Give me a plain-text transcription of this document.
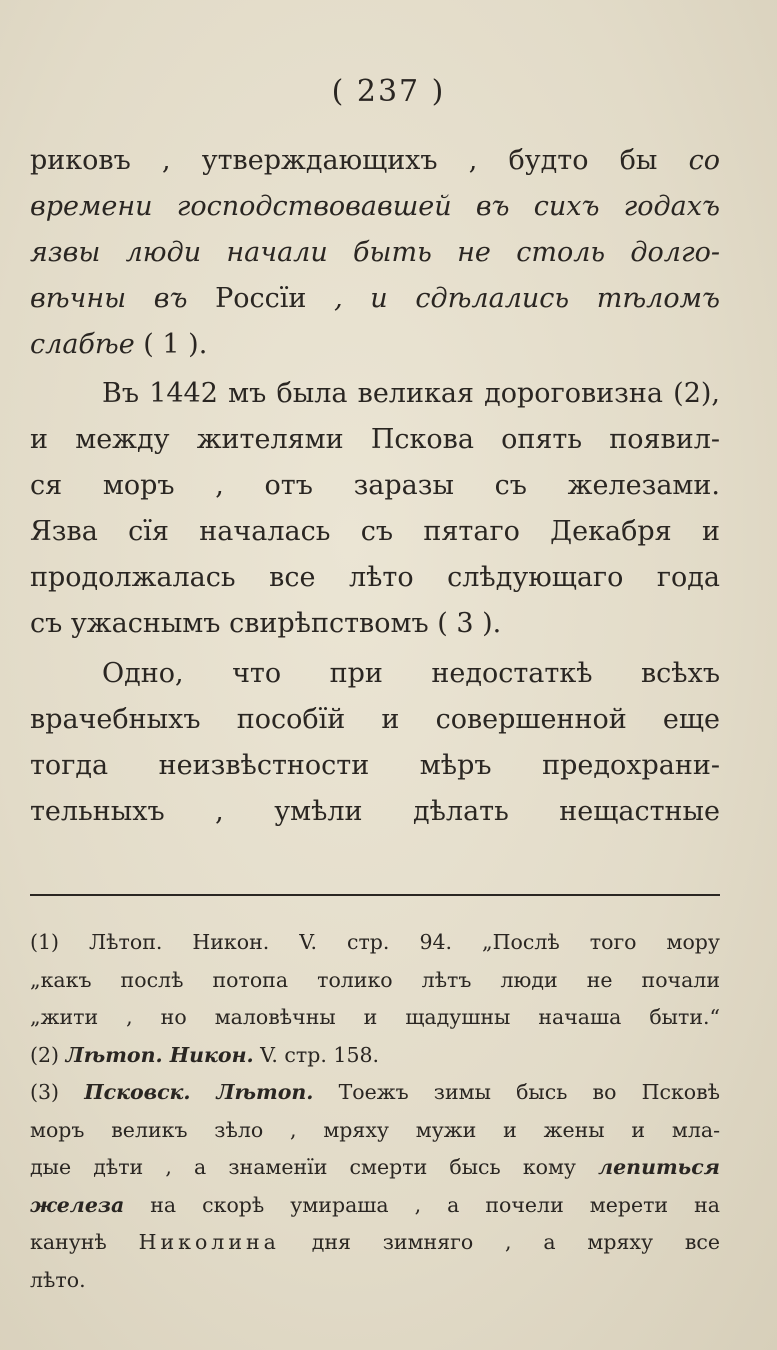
( 237 )
риковъ , утверждающихъ , будто бы со
времени господствовавшей въ сихъ годахъ
язвы люди начали быть не столь долго-
вѣчны въ Россїи , и сдѣлались тѣломъ
слабѣе ( 1 ).
Въ 1442 мъ была великая дороговизна (2),
и между жителями Пскова опять появил-
ся моръ , отъ заразы съ железами.
Язва сїя началась съ пятаго Декабря и
продолжалась все лѣто слѣдующаго года
съ ужаснымъ свирѣпствомъ ( 3 ).
Одно, что при недостаткѣ всѣхъ
врачебныхъ пособїй и совершенной еще
тогда неизвѣстности мѣръ предохрани-
тельныхъ , умѣли дѣлать нещастные
(1) Лѣтоп. Никон. V. стр. 94. „Послѣ того мору
„какъ послѣ потопа толико лѣтъ люди не почали
„жити , но маловѣчны и щадушны начаша быти.“
(2) Лѣтоп. Никон. V. стр. 158.
(3) Псковск. Лѣтоп. Тоежъ зимы бысь во Псковѣ
моръ великъ зѣло , мряху мужи и жены и мла-
дые дѣти , а знаменїи смерти бысь кому лепиться
железа на скорѣ умираша , а почели мерети на
канунѣ Николина дня зимняго , а мряху все
лѣто.
